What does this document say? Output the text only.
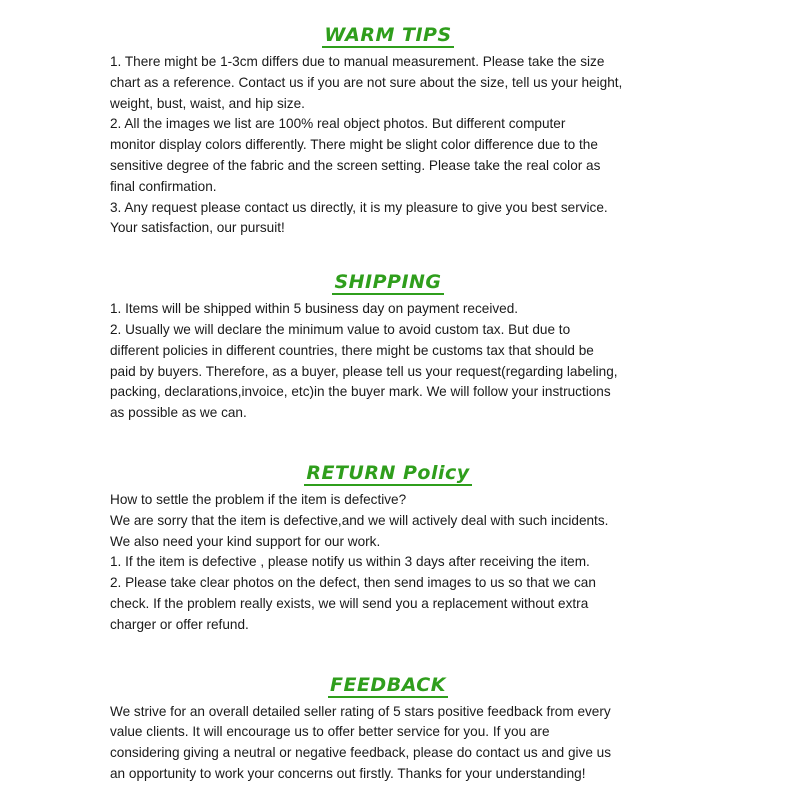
WARM TIPS

1. There might be 1-3cm differs due to manual measurement. Please take the size

chart as a reference. Contact us if you are not sure about the size, tell us your height,

weight, bust, waist, and hip size.

2. All the images we list are 100% real object photos. But different computer

monitor display colors differently. There might be slight color difference due to the

sensitive degree of the fabric and the screen setting. Please take the real color as

final confirmation.

3. Any request please contact us directly, it is my pleasure to give you best service.

Your satisfaction, our pursuit!

SHIPPING

1. Items will be shipped within 5 business day on payment received.

2. Usually we will declare the minimum value to avoid custom tax. But due to

different policies in different countries, there might be customs tax that should be

paid by buyers. Therefore, as a buyer, please tell us your request(regarding labeling,

packing, declarations,invoice, etc)in the buyer mark. We will follow your instructions

as possible as we can.

RETURN Policy

How to settle the problem if the item is defective?

We are sorry that the item is defective,and we will actively deal with such incidents.

We also need your kind support for our work.

1. If the item is defective , please notify us within 3 days after receiving the item.

2. Please take clear photos on the defect, then send images to us so that we can

check. If the problem really exists, we will send you a replacement without extra

charger or offer refund.

FEEDBACK

We strive for an overall detailed seller rating of 5 stars positive feedback from every

value clients. It will encourage us to offer better service for you. If you are

considering giving a neutral or negative feedback, please do contact us and give us

an opportunity to work your concerns out firstly. Thanks for your understanding!
